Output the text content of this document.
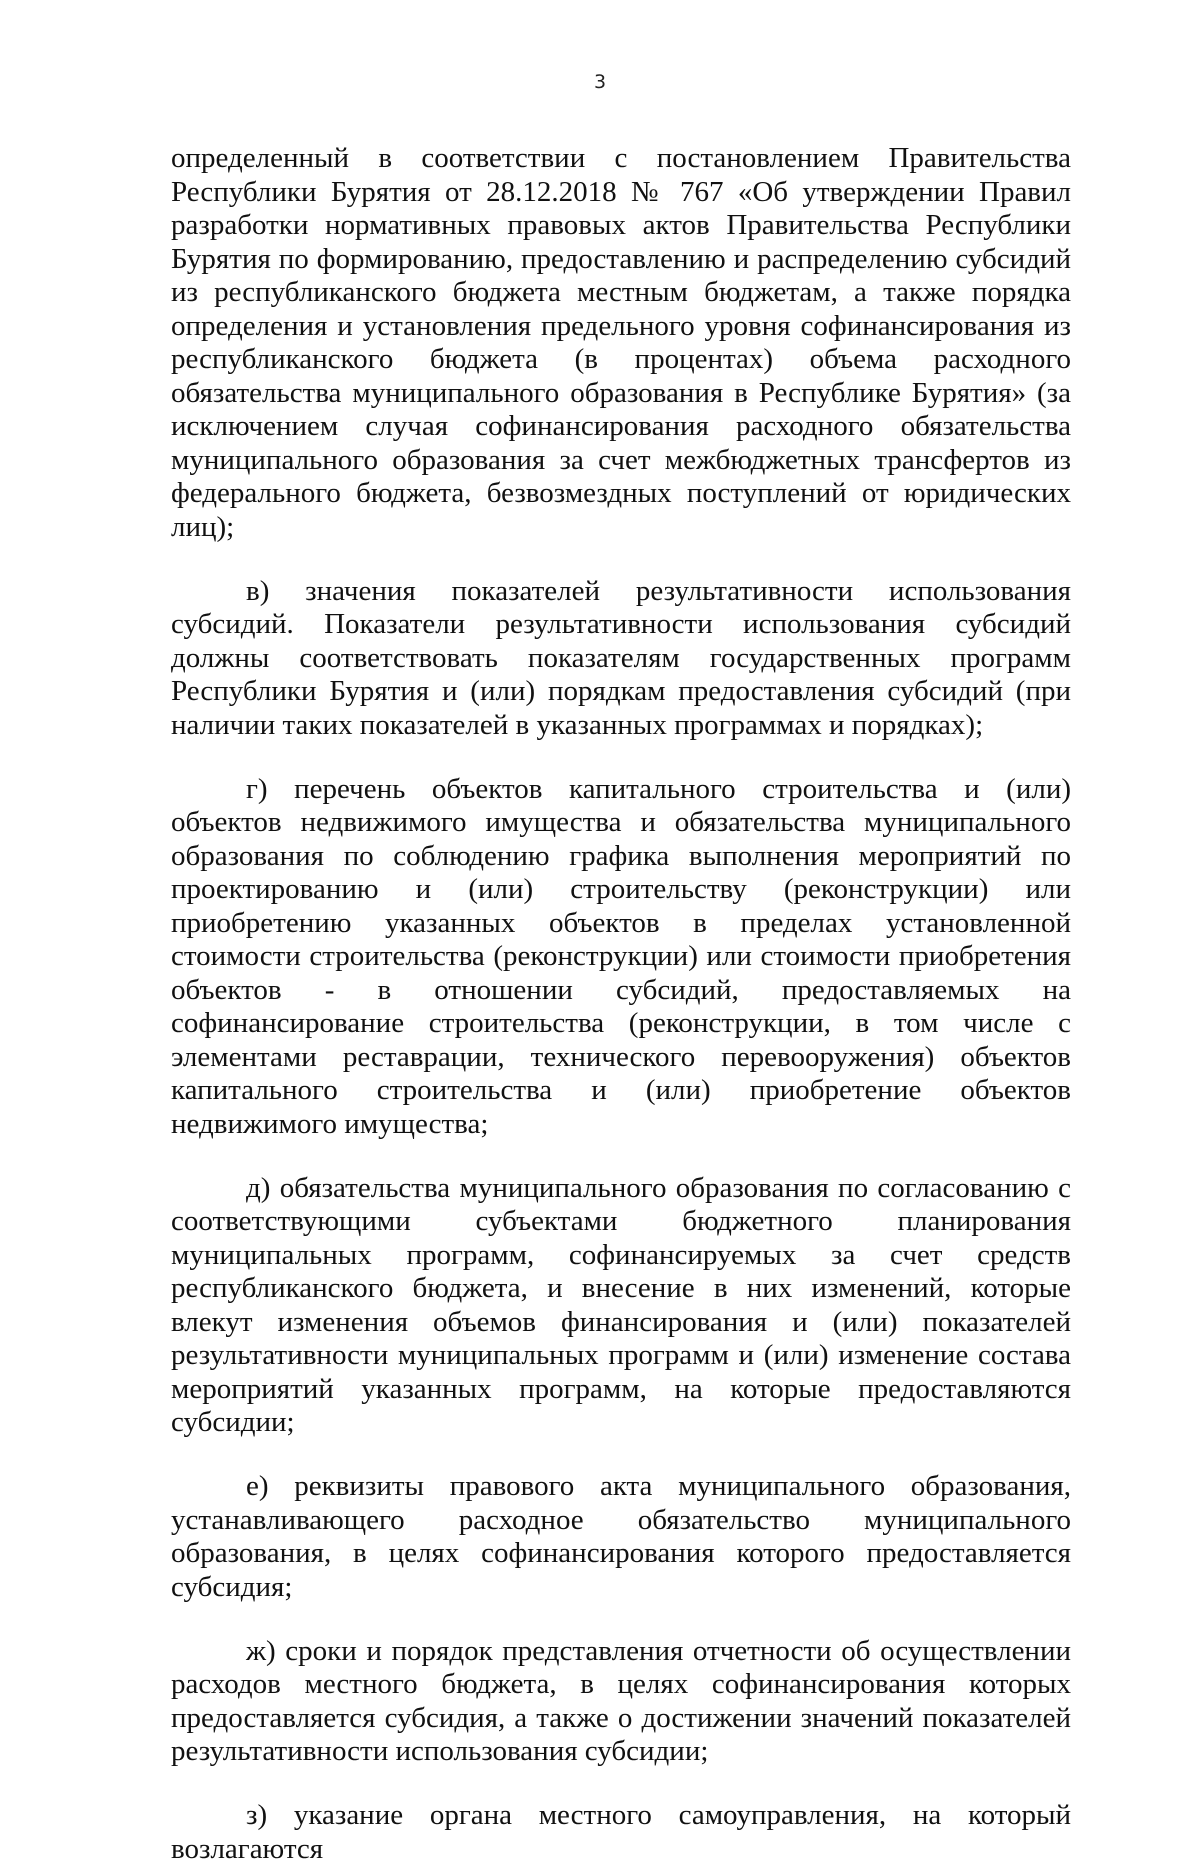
3

определенный в соответствии с постановлением Правительства Республики Бурятия от 28.12.2018 № 767 «Об утверждении Правил разработки нормативных правовых актов Правительства Республики Бурятия по формированию, предоставлению и распределению субсидий из республиканского бюджета местным бюджетам, а также порядка определения и установления предельного уровня софинансирования из республиканского бюджета (в процентах) объема расходного обязательства муниципального образования в Республике Бурятия» (за исключением случая софинансирования расходного обязательства муниципального образования за счет межбюджетных трансфертов из федерального бюджета, безвозмездных поступлений от юридических лиц);

в) значения показателей результативности использования субсидий. Показатели результативности использования субсидий должны соответствовать показателям государственных программ Республики Бурятия и (или) порядкам предоставления субсидий (при наличии таких показателей в указанных программах и порядках);

г) перечень объектов капитального строительства и (или) объектов недвижимого имущества и обязательства муниципального образования по соблюдению графика выполнения мероприятий по проектированию и (или) строительству (реконструкции) или приобретению указанных объектов в пределах установленной стоимости строительства (реконструкции) или стоимости приобретения объектов - в отношении субсидий, предоставляемых на софинансирование строительства (реконструкции, в том числе с элементами реставрации, технического перевооружения) объектов капитального строительства и (или) приобретение объектов недвижимого имущества;

д) обязательства муниципального образования по согласованию с соответствующими субъектами бюджетного планирования муниципальных программ, софинансируемых за счет средств республиканского бюджета, и внесение в них изменений, которые влекут изменения объемов финансирования и (или) показателей результативности муниципальных программ и (или) изменение состава мероприятий указанных программ, на которые предоставляются субсидии;

е) реквизиты правового акта муниципального образования, устанавливающего расходное обязательство муниципального образования, в целях софинансирования которого предоставляется субсидия;

ж) сроки и порядок представления отчетности об осуществлении расходов местного бюджета, в целях софинансирования которых предоставляется субсидия, а также о достижении значений показателей результативности использования субсидии;

з) указание органа местного самоуправления, на который возлагаются
